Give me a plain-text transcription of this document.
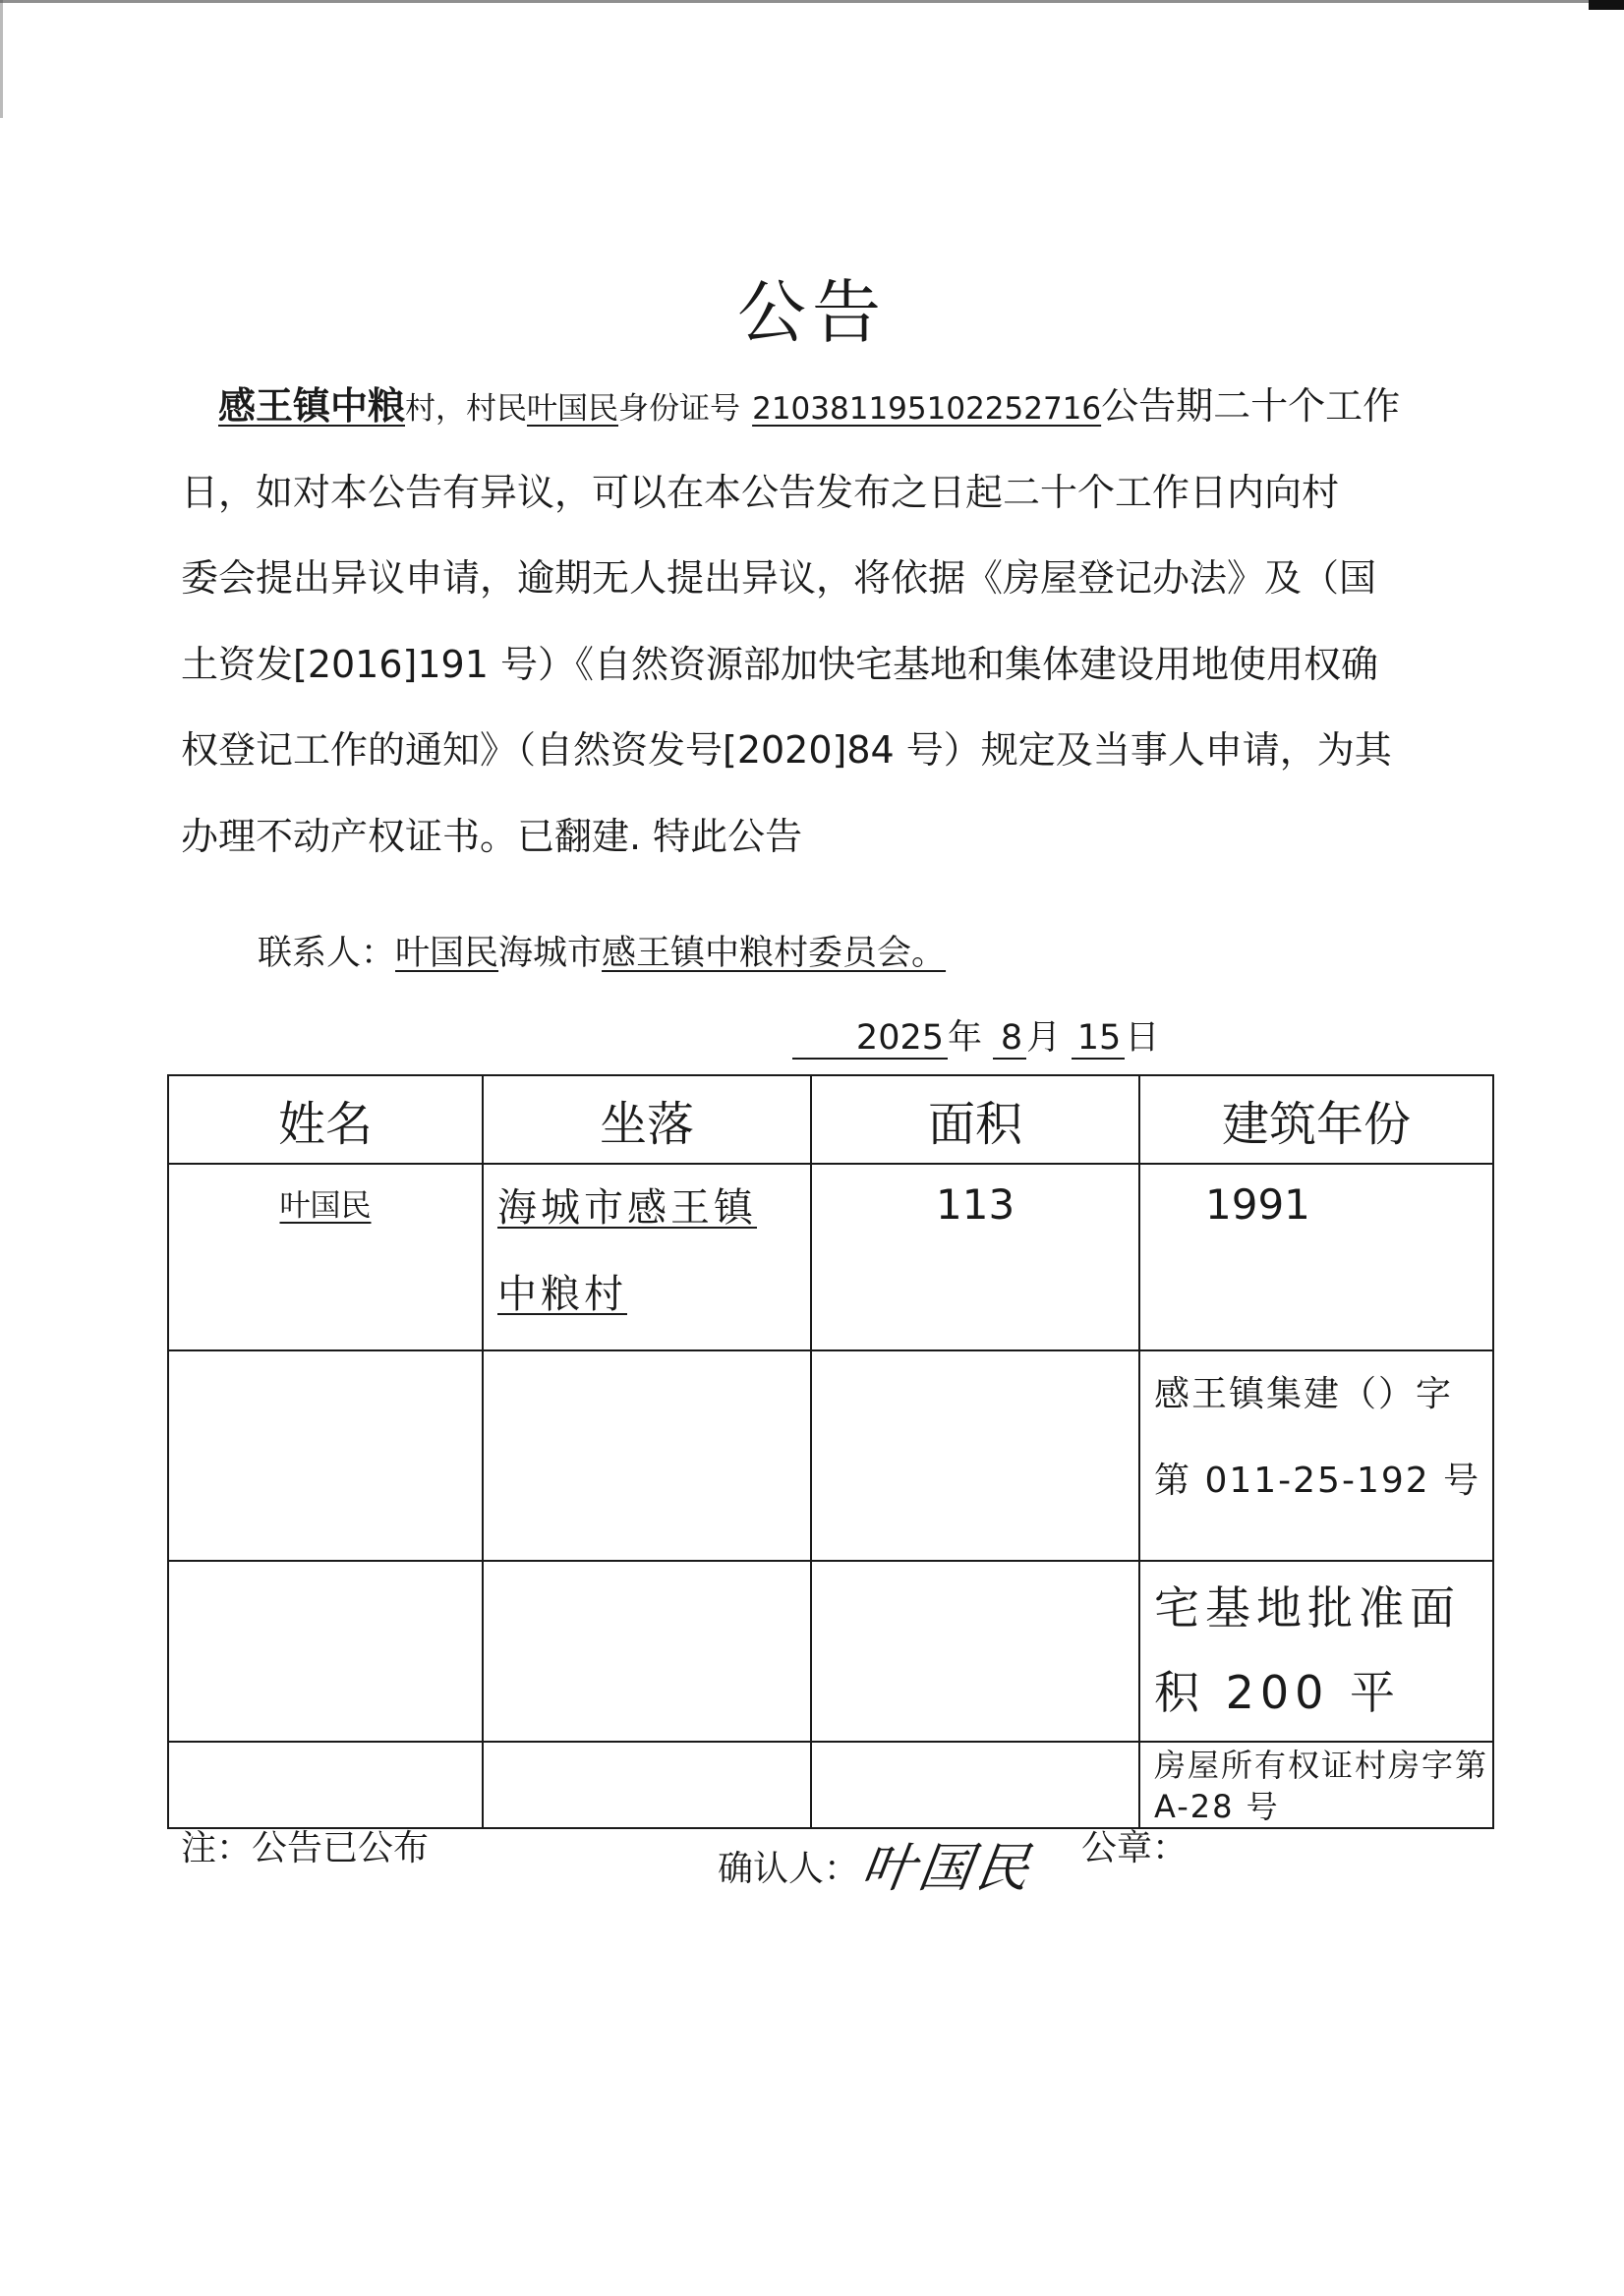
公告
感王镇中粮村，村民叶国民身份证号 210381195102252716公告期二十个工作
日，如对本公告有异议，可以在本公告发布之日起二十个工作日内向村
委会提出异议申请，逾期无人提出异议，将依据《房屋登记办法》及（国
土资发[2016]191 号）《自然资源部加快宅基地和集体建设用地使用权确
权登记工作的通知》（自然资发号[2020]84 号）规定及当事人申请，为其
办理不动产权证书。已翻建. 特此公告
联系人：叶国民海城市感王镇中粮村委员会。
2025 年 8 月 15 日
姓名	坐落	面积	建筑年份
叶国民	海城市感王镇中粮村	113	1991
			感王镇集建（）字第 011-25-192 号
			宅基地批准面积 200 平
			房屋所有权证村房字第 A-28 号
注：公告已公布
确认人：叶国民 公章：
